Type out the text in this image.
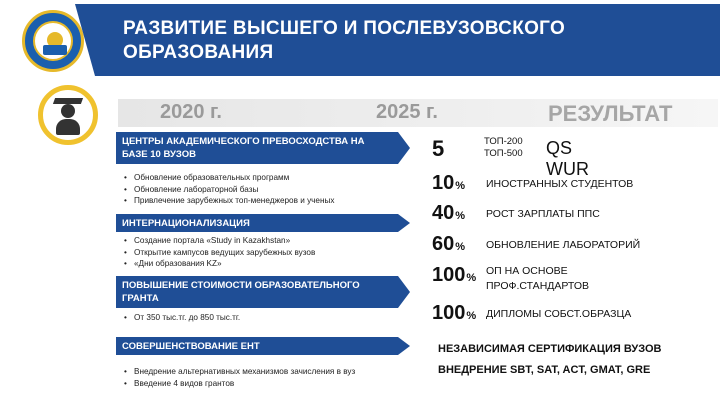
РАЗВИТИЕ ВЫСШЕГО И ПОСЛЕВУЗОВСКОГО
ОБРАЗОВАНИЯ
2020 г.	2025 г.	РЕЗУЛЬТАТ
ЦЕНТРЫ АКАДЕМИЧЕСКОГО ПРЕВОСХОДСТВА НА БАЗЕ 10 ВУЗОВ
• Обновление образовательных программ
• Обновление лабораторной базы
• Привлечение зарубежных топ-менеджеров и ученых
ИНТЕРНАЦИОНАЛИЗАЦИЯ
• Создание портала «Study in Kazakhstan»
• Открытие кампусов ведущих зарубежных вузов
• «Дни образования KZ»
ПОВЫШЕНИЕ СТОИМОСТИ ОБРАЗОВАТЕЛЬНОГО ГРАНТА
• От 350 тыс.тг. до 850 тыс.тг.
СОВЕРШЕНСТВОВАНИЕ ЕНТ
• Внедрение альтернативных механизмов зачисления в вуз
• Введение 4 видов грантов
5	ТОП-200
ТОП-500 QS WUR
10% ИНОСТРАННЫХ СТУДЕНТОВ
40% РОСТ ЗАРПЛАТЫ ППС
60% ОБНОВЛЕНИЕ ЛАБОРАТОРИЙ
100%
ОП НА ОСНОВЕ
ПРОФ.СТАНДАРТОВ
100% ДИПЛОМЫ СОБСТ.ОБРАЗЦА
НЕЗАВИСИМАЯ СЕРТИФИКАЦИЯ ВУЗОВ
ВНЕДРЕНИЕ SBT, SAT, ACT, GMAT, GRE
